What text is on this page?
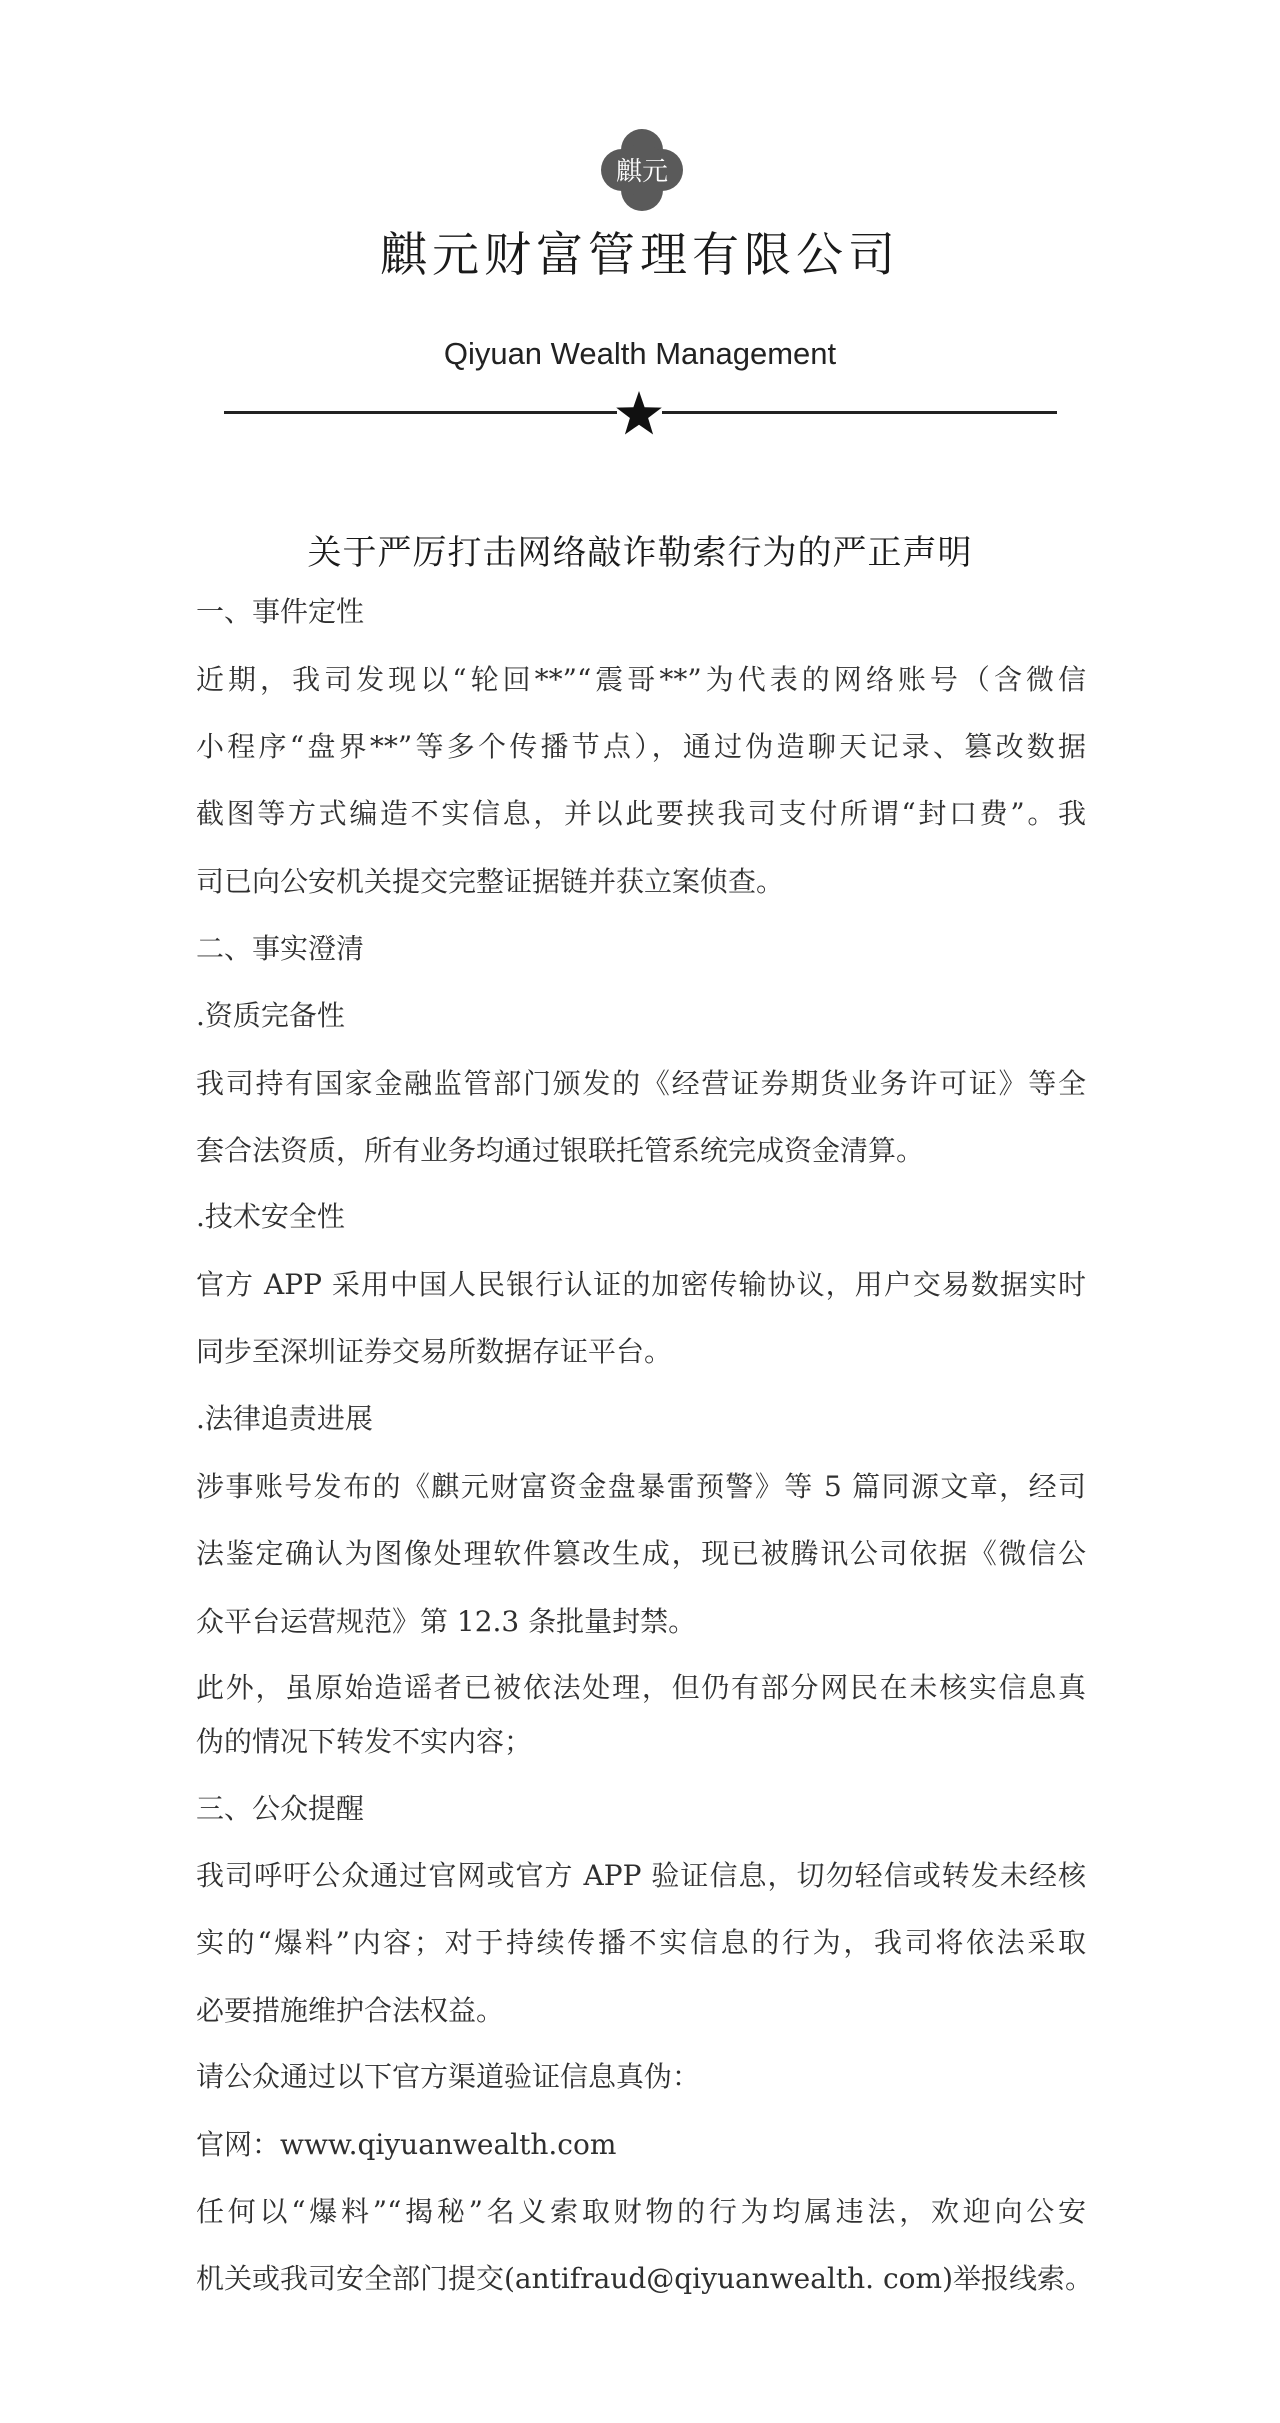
麒元
麒元财富管理有限公司
Qiyuan Wealth Management
关于严厉打击网络敲诈勒索行为的严正声明
一、事件定性
近期，我司发现以“轮回**”“震哥**”为代表的网络账号（含微信
小程序“盘界**”等多个传播节点），通过伪造聊天记录、篡改数据
截图等方式编造不实信息，并以此要挟我司支付所谓“封口费”。我
司已向公安机关提交完整证据链并获立案侦查。
二、事实澄清
.资质完备性
我司持有国家金融监管部门颁发的《经营证券期货业务许可证》等全
套合法资质，所有业务均通过银联托管系统完成资金清算。
.技术安全性
官方 APP 采用中国人民银行认证的加密传输协议，用户交易数据实时
同步至深圳证券交易所数据存证平台。
.法律追责进展
涉事账号发布的《麒元财富资金盘暴雷预警》等 5 篇同源文章，经司
法鉴定确认为图像处理软件篡改生成，现已被腾讯公司依据《微信公
众平台运营规范》第 12.3 条批量封禁。
此外，虽原始造谣者已被依法处理，但仍有部分网民在未核实信息真
伪的情况下转发不实内容；
三、公众提醒
我司呼吁公众通过官网或官方 APP 验证信息，切勿轻信或转发未经核
实的“爆料”内容；对于持续传播不实信息的行为，我司将依法采取
必要措施维护合法权益。
请公众通过以下官方渠道验证信息真伪：
官网：www.qiyuanwealth.com
任何以“爆料”“揭秘”名义索取财物的行为均属违法，欢迎向公安
机关或我司安全部门提交(antifraud@qiyuanwealth. com)举报线索。
